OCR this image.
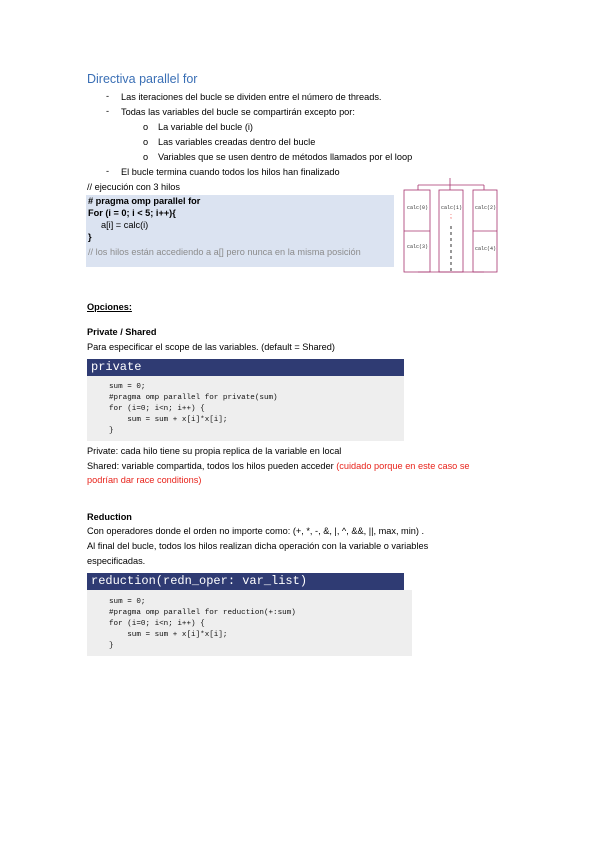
Directiva parallel for
- Las iteraciones del bucle se dividen entre el número de threads.
- Todas las variables del bucle se compartirán excepto por:
o La variable del bucle (i)
o Las variables creadas dentro del bucle
o Variables que se usen dentro de métodos llamados por el loop
- El bucle termina cuando todos los hilos han finalizado
// ejecución con 3 hilos
# pragma omp parallel for
For (i = 0; i < 5; i++){
a[i] = calc(i)
}
// los hilos están accediendo a a[] pero nunca en la misma posición
calc(0)	calc(1)	calc(2)
calc(3)	calc(4)
;
Opciones:
Private / Shared
Para especificar el scope de las variables. (default = Shared)
private
sum = 0;
#pragma omp parallel for private(sum)
for (i=0; i<n; i++) {
sum = sum + x[i]*x[i];
}
Private: cada hilo tiene su propia replica de la variable en local
Shared: variable compartida, todos los hilos pueden acceder (cuidado porque en este caso se
podrían dar race conditions)
Reduction
Con operadores donde el orden no importe como: (+, *, -, &, |, ^, &&, ||, max, min) .
Al final del bucle, todos los hilos realizan dicha operación con la variable o variables
especificadas.
reduction(redn_oper: var_list)
sum = 0;
#pragma omp parallel for reduction(+:sum)
for (i=0; i<n; i++) {
sum = sum + x[i]*x[i];
}
